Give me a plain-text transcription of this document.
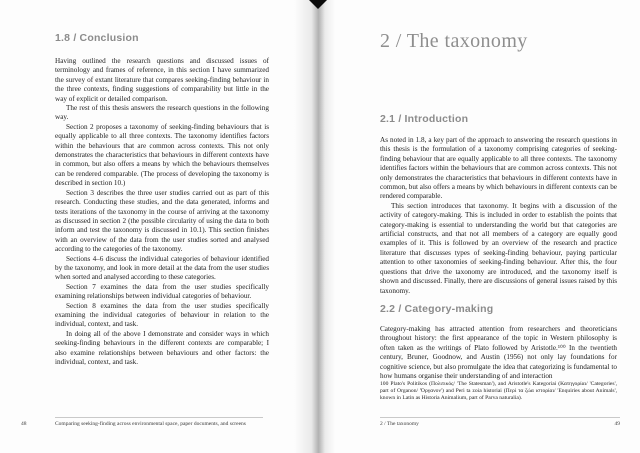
1.8 / Conclusion

Having outlined the research questions and discussed issues of terminology and frames of reference, in this section I have summarized the survey of extant literature that compares seeking-finding behaviour in the three contexts, finding suggestions of comparability but little in the way of explicit or detailed comparison.

The rest of this thesis answers the research questions in the following way.

Section 2 proposes a taxonomy of seeking-finding behaviours that is equally applicable to all three contexts. The taxonomy identifies factors within the behaviours that are common across contexts. This not only demonstrates the characteristics that behaviours in different contexts have in common, but also offers a means by which the behaviours themselves can be rendered comparable. (The process of developing the taxonomy is described in section 10.)

Section 3 describes the three user studies carried out as part of this research. Conducting these studies, and the data generated, informs and tests iterations of the taxonomy in the course of arriving at the taxonomy as discussed in section 2 (the possible circularity of using the data to both inform and test the taxonomy is discussed in 10.1). This section finishes with an overview of the data from the user studies sorted and analysed according to the categories of the taxonomy.

Sections 4–6 discuss the individual categories of behaviour identified by the taxonomy, and look in more detail at the data from the user studies when sorted and analysed according to these categories.

Section 7 examines the data from the user studies specifically examining relationships between individual categories of behaviour.

Section 8 examines the data from the user studies specifically examining the individual categories of behaviour in relation to the individual, context, and task.

In doing all of the above I demonstrate and consider ways in which seeking-finding behaviours in the different contexts are comparable; I also examine relationships between behaviours and other factors: the individual, context, and task.

48	Comparing seeking-finding across environmental space, paper documents, and screens
2 / The taxonomy
2.1 / Introduction

As noted in 1.8, a key part of the approach to answering the research questions in this thesis is the formulation of a taxonomy comprising categories of seeking-finding behaviour that are equally applicable to all three contexts. The taxonomy identifies factors within the behaviours that are common across contexts. This not only demonstrates the characteristics that behaviours in different contexts have in common, but also offers a means by which behaviours in different contexts can be rendered comparable.

This section introduces that taxonomy. It begins with a discussion of the activity of category-making. This is included in order to establish the points that category-making is essential to understanding the world but that categories are artificial constructs, and that not all members of a category are equally good examples of it. This is followed by an overview of the research and practice literature that discusses types of seeking-finding behaviour, paying particular attention to other taxonomies of seeking-finding behaviour. After this, the four questions that drive the taxonomy are introduced, and the taxonomy itself is shown and discussed. Finally, there are discussions of general issues raised by this taxonomy.

2.2 / Category-making

Category-making has attracted attention from researchers and theoreticians throughout history: the first appearance of the topic in Western philosophy is often taken as the writings of Plato followed by Aristotle.¹⁰⁰ In the twentieth century, Bruner, Goodnow, and Austin (1956) not only lay foundations for cognitive science, but also promulgate the idea that categorizing is fundamental to how humans organise their understanding of and interaction

100 Plato's Politikos (Πολιτικός/ 'The Statesman'), and Aristotle's Kategoriai (Κατηγορίαι/ 'Categories', part of Organon/ 'Όργανον') and Peri ta zoia historiai (Περί τα ζώα ιστορίαι/ 'Enquiries about Animals', known in Latin as Historia Animalium, part of Parva naturalia).
2 / The taxonomy	49
